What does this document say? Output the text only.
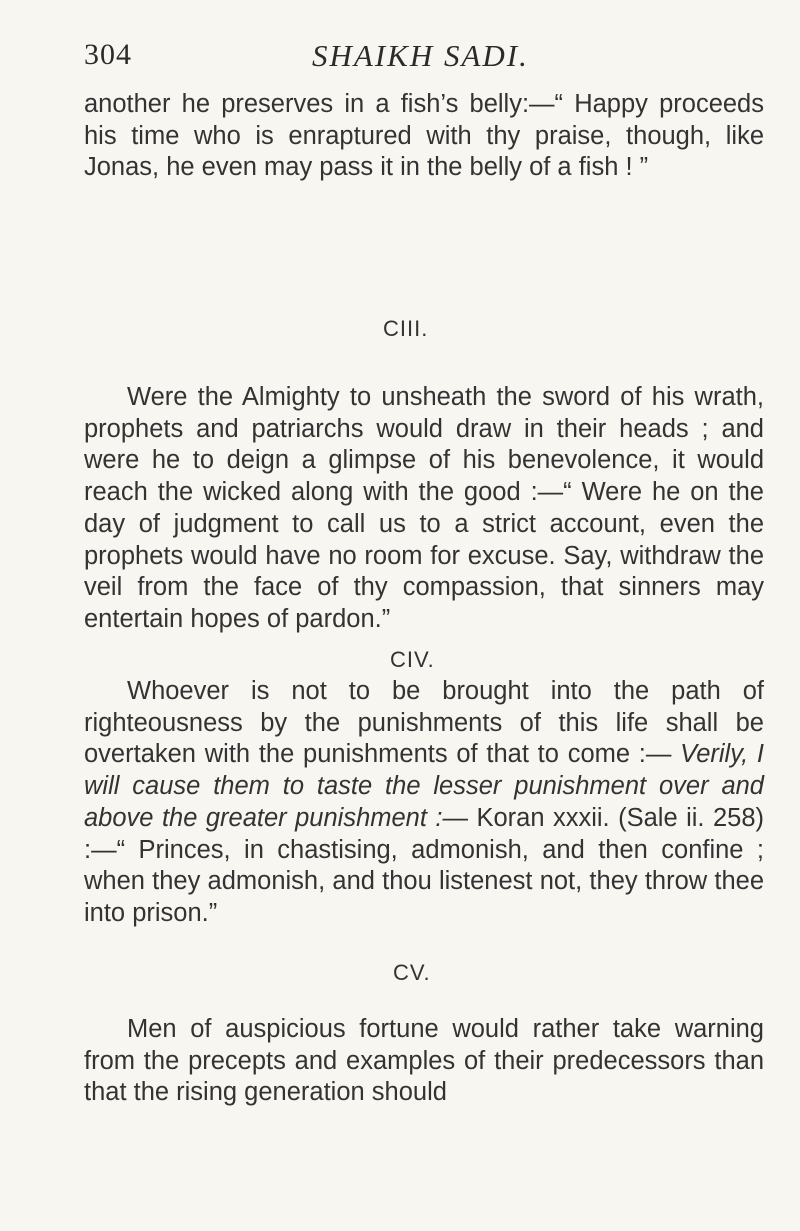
304	SHAIKH SADI.

another he preserves in a fish’s belly:—“ Happy proceeds his time who is enraptured with thy praise, though, like Jonas, he even may pass it in the belly of a fish ! ”

CIII.

Were the Almighty to unsheath the sword of his wrath, prophets and patriarchs would draw in their heads ; and were he to deign a glimpse of his benevolence, it would reach the wicked along with the good :—“ Were he on the day of judgment to call us to a strict account, even the prophets would have no room for excuse. Say, withdraw the veil from the face of thy compassion, that sinners may entertain hopes of pardon.”

CIV.

Whoever is not to be brought into the path of righteousness by the punishments of this life shall be overtaken with the punishments of that to come :— Verily, I will cause them to taste the lesser punishment over and above the greater punishment :— Koran xxxii. (Sale ii. 258) :—“ Princes, in chastising, admonish, and then confine ; when they admonish, and thou listenest not, they throw thee into prison.”

CV.

Men of auspicious fortune would rather take warning from the precepts and examples of their predecessors than that the rising generation should
